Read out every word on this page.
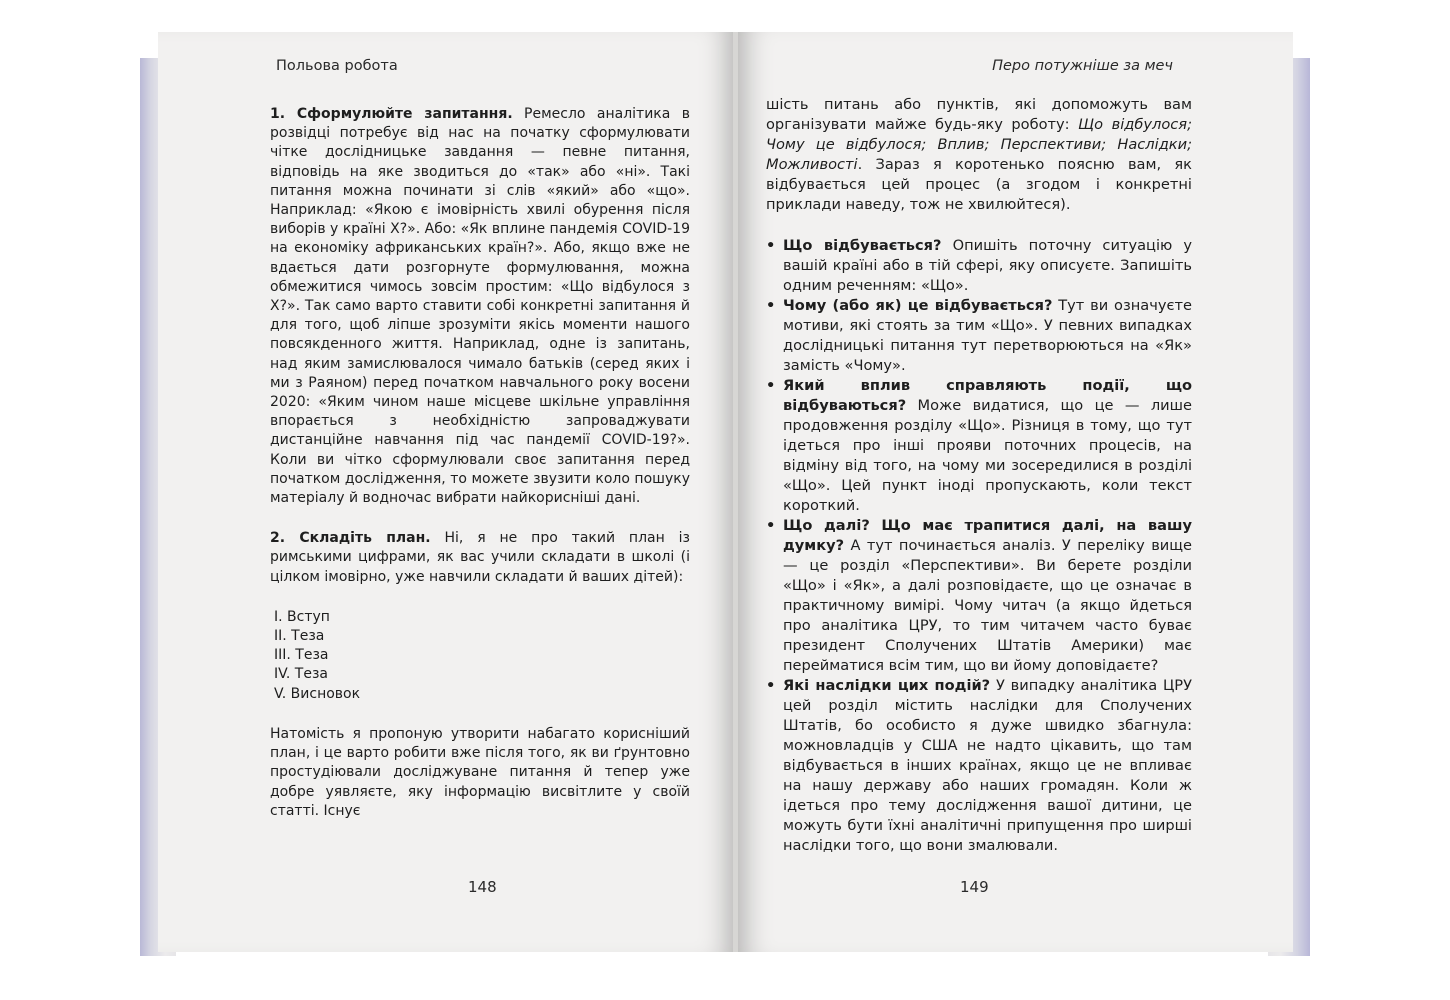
Польова робота

1. Сформулюйте запитання. Ремесло аналітика в розвідці потребує від нас на початку сформулювати чітке дослідницьке завдання — певне питання, відповідь на яке зводиться до «так» або «ні». Такі питання можна починати зі слів «який» або «що». Наприклад: «Якою є імовірність хвилі обурення після виборів у країні X?». Або: «Як вплине пандемія COVID-19 на економіку африканських країн?». Або, якщо вже не вдається дати розгорнуте формулювання, можна обмежитися чимось зовсім простим: «Що відбулося з X?». Так само варто ставити собі конкретні запитання й для того, щоб ліпше зрозуміти якісь моменти нашого повсякденного життя. Наприклад, одне із запитань, над яким замислювалося чимало батьків (серед яких і ми з Раяном) перед початком навчального року восени 2020: «Яким чином наше місцеве шкільне управління впорається з необхідністю запроваджувати дистанційне навчання під час пандемії COVID-19?». Коли ви чітко сформулювали своє запитання перед початком дослідження, то можете звузити коло пошуку матеріалу й водночас вибрати найкорисніші дані.

2. Складіть план. Ні, я не про такий план із римськими цифрами, як вас учили складати в школі (і цілком імовірно, уже навчили складати й ваших дітей):

I. Вступ
II. Теза
III. Теза
IV. Теза
V. Висновок

Натомість я пропоную утворити набагато корисніший план, і це варто робити вже після того, як ви ґрунтовно простудіювали досліджуване питання й тепер уже добре уявляєте, яку інформацію висвітлите у своїй статті. Існує

148
Перо потужніше за меч

шість питань або пунктів, які допоможуть вам організувати майже будь-яку роботу: Що відбулося; Чому це відбулося; Вплив; Перспективи; Наслідки; Можливості. Зараз я коротенько поясню вам, як відбувається цей процес (а згодом і конкретні приклади наведу, тож не хвилюйтеся).

• Що відбувається? Опишіть поточну ситуацію у вашій країні або в тій сфері, яку описуєте. Запишіть одним реченням: «Що».
• Чому (або як) це відбувається? Тут ви означуєте мотиви, які стоять за тим «Що». У певних випадках дослідницькі питання тут перетворюються на «Як» замість «Чому».
• Який вплив справляють події, що відбуваються? Може видатися, що це — лише продовження розділу «Що». Різниця в тому, що тут ідеться про інші прояви поточних процесів, на відміну від того, на чому ми зосередилися в розділі «Що». Цей пункт іноді пропускають, коли текст короткий.
• Що далі? Що має трапитися далі, на вашу думку? А тут починається аналіз. У переліку вище — це розділ «Перспективи». Ви берете розділи «Що» і «Як», а далі розповідаєте, що це означає в практичному вимірі. Чому читач (а якщо йдеться про аналітика ЦРУ, то тим читачем часто буває президент Сполучених Штатів Америки) має перейматися всім тим, що ви йому доповідаєте?
• Які наслідки цих подій? У випадку аналітика ЦРУ цей розділ містить наслідки для Сполучених Штатів, бо особисто я дуже швидко збагнула: можновладців у США не надто цікавить, що там відбувається в інших країнах, якщо це не впливає на нашу державу або наших громадян. Коли ж ідеться про тему дослідження вашої дитини, це можуть бути їхні аналітичні припущення про ширші наслідки того, що вони змалювали.
149
